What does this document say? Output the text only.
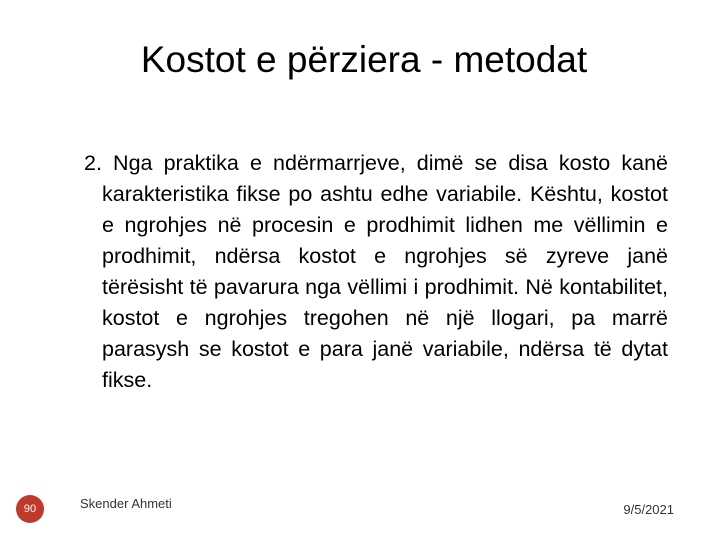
Kostot e përziera - metodat

2. Nga praktika e ndërmarrjeve, dimë se disa kosto kanë karakteristika fikse po ashtu edhe variabile. Kështu, kostot e ngrohjes në procesin e prodhimit lidhen me vëllimin e prodhimit, ndërsa kostot e ngrohjes së zyreve janë tërësisht të pavarura nga vëllimi i prodhimit. Në kontabilitet, kostot e ngrohjes tregohen në një llogari, pa marrë parasysh se kostot e para janë variabile, ndërsa të dytat fikse.

90	Skender Ahmeti	9/5/2021
